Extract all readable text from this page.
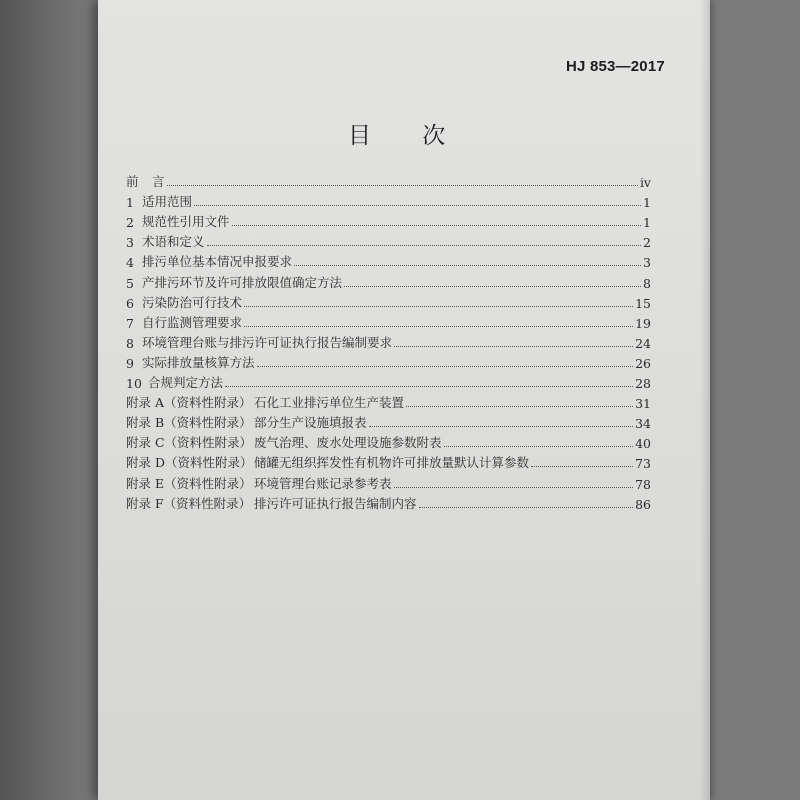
HJ 853—2017
目 次
前	言	iv
1 适用范围	1
2 规范性引用文件	1
3 术语和定义	2
4 排污单位基本情况申报要求	3
5 产排污环节及许可排放限值确定方法	8
6 污染防治可行技术	15
7 自行监测管理要求	19
8 环境管理台账与排污许可证执行报告编制要求	24
9 实际排放量核算方法	26
10 合规判定方法	28
附录 A（资料性附录） 石化工业排污单位生产装置	31
附录 B（资料性附录） 部分生产设施填报表	34
附录 C（资料性附录） 废气治理、废水处理设施参数附表	40
附录 D（资料性附录） 储罐无组织挥发性有机物许可排放量默认计算参数	73
附录 E（资料性附录） 环境管理台账记录参考表	78
附录 F（资料性附录） 排污许可证执行报告编制内容	86
